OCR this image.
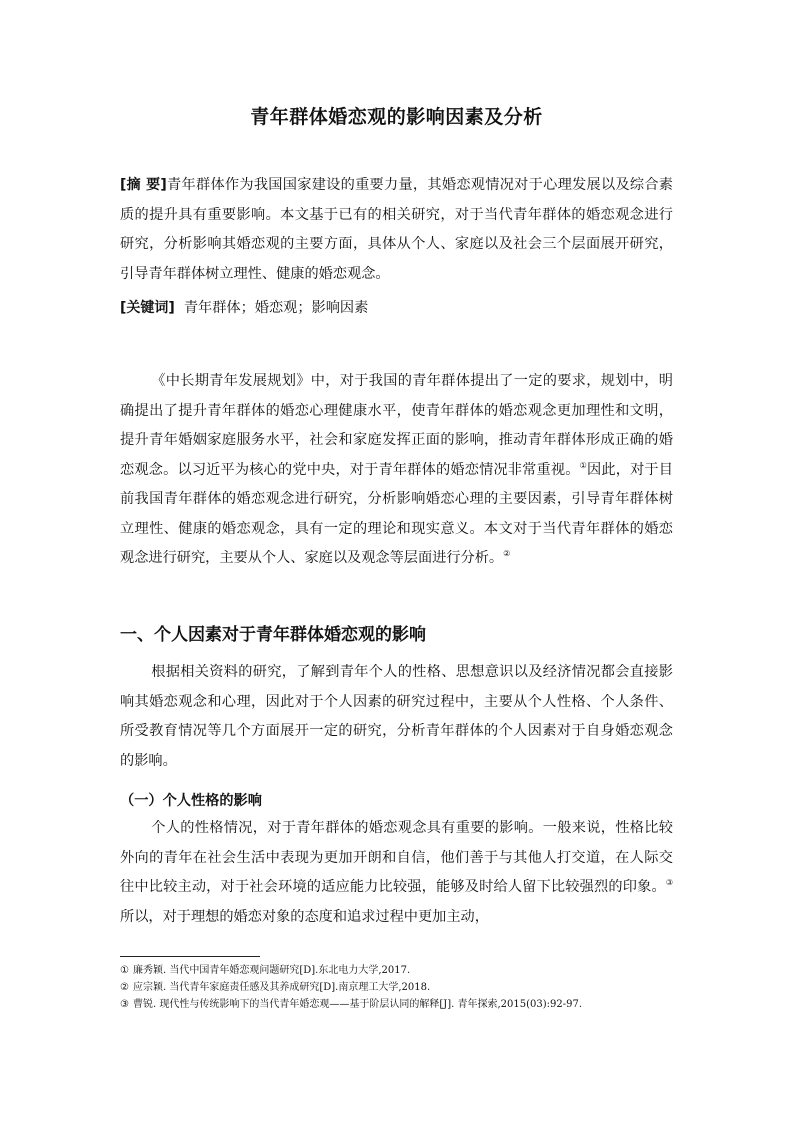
青年群体婚恋观的影响因素及分析

[摘 要]青年群体作为我国国家建设的重要力量，其婚恋观情况对于心理发展以及综合素质的提升具有重要影响。本文基于已有的相关研究，对于当代青年群体的婚恋观念进行研究，分析影响其婚恋观的主要方面，具体从个人、家庭以及社会三个层面展开研究，引导青年群体树立理性、健康的婚恋观念。

[关键词] 青年群体；婚恋观；影响因素

《中长期青年发展规划》中，对于我国的青年群体提出了一定的要求，规划中，明确提出了提升青年群体的婚恋心理健康水平，使青年群体的婚恋观念更加理性和文明，提升青年婚姻家庭服务水平，社会和家庭发挥正面的影响，推动青年群体形成正确的婚恋观念。以习近平为核心的党中央，对于青年群体的婚恋情况非常重视。①因此，对于目前我国青年群体的婚恋观念进行研究，分析影响婚恋心理的主要因素，引导青年群体树立理性、健康的婚恋观念，具有一定的理论和现实意义。本文对于当代青年群体的婚恋观念进行研究，主要从个人、家庭以及观念等层面进行分析。②

一、个人因素对于青年群体婚恋观的影响

根据相关资料的研究，了解到青年个人的性格、思想意识以及经济情况都会直接影响其婚恋观念和心理，因此对于个人因素的研究过程中，主要从个人性格、个人条件、所受教育情况等几个方面展开一定的研究，分析青年群体的个人因素对于自身婚恋观念的影响。

（一）个人性格的影响

个人的性格情况，对于青年群体的婚恋观念具有重要的影响。一般来说，性格比较外向的青年在社会生活中表现为更加开朗和自信，他们善于与其他人打交道，在人际交往中比较主动，对于社会环境的适应能力比较强，能够及时给人留下比较强烈的印象。③所以，对于理想的婚恋对象的态度和追求过程中更加主动，

① 廉秀颖. 当代中国青年婚恋观问题研究[D].东北电力大学,2017.
② 应宗颖. 当代青年家庭责任感及其养成研究[D].南京理工大学,2018.
③ 曹锐. 现代性与传统影响下的当代青年婚恋观——基于阶层认同的解释[J]. 青年探索,2015(03):92-97.
